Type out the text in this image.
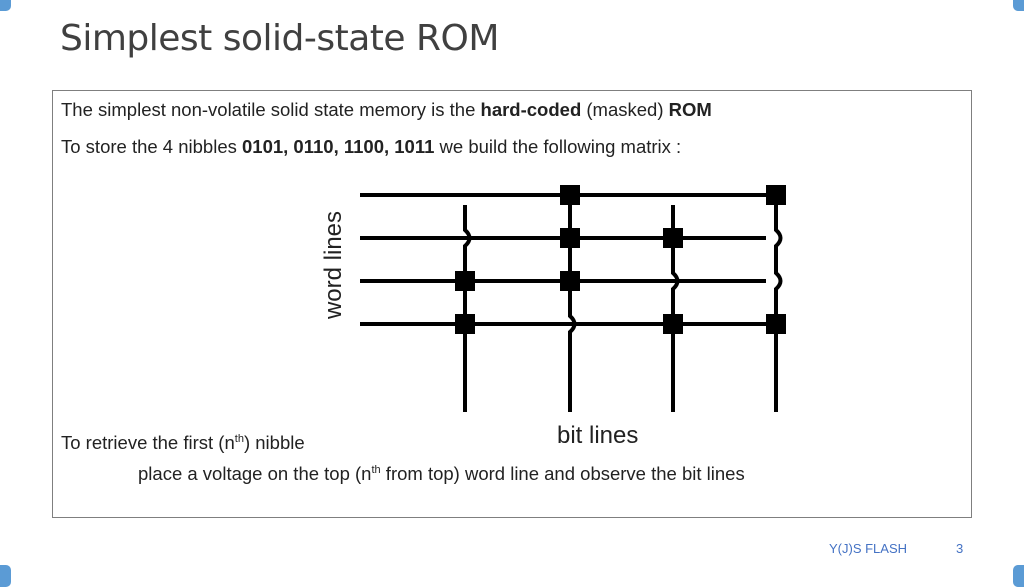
Simplest solid-state ROM
The simplest non-volatile solid state memory is the hard-coded (masked) ROM
To store the 4 nibbles 0101, 0110, 1100, 1011 we build the following matrix :
word lines
bit lines
To retrieve the first $(n^{th})$ nibble
place a voltage on the top ($n^{th}$ from top) word line and observe the bit lines
Y(J)S FLASH	3
